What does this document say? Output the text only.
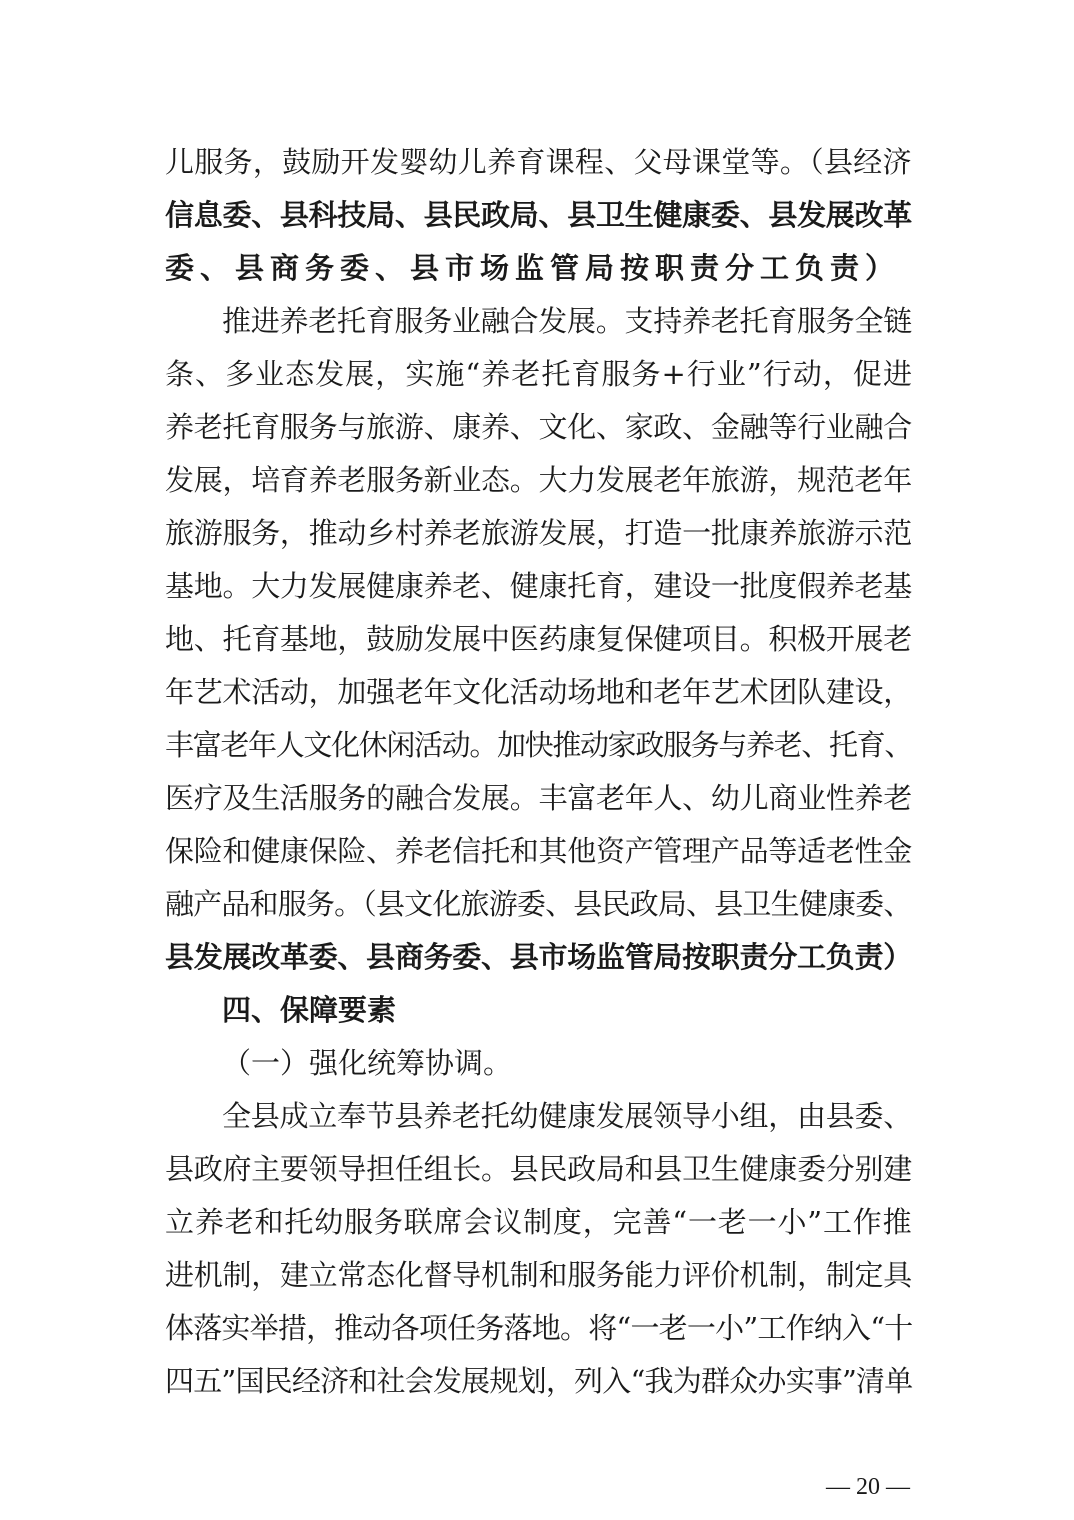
儿服务，鼓励开发婴幼儿养育课程、父母课堂等。（县经济
信息委、县科技局、县民政局、县卫生健康委、县发展改革
委、县商务委、县市场监管局按职责分工负责）
推进养老托育服务业融合发展。支持养老托育服务全链
条、多业态发展，实施“养老托育服务+行业”行动，促进
养老托育服务与旅游、康养、文化、家政、金融等行业融合
发展，培育养老服务新业态。大力发展老年旅游，规范老年
旅游服务，推动乡村养老旅游发展，打造一批康养旅游示范
基地。大力发展健康养老、健康托育，建设一批度假养老基
地、托育基地，鼓励发展中医药康复保健项目。积极开展老
年艺术活动，加强老年文化活动场地和老年艺术团队建设，
丰富老年人文化休闲活动。加快推动家政服务与养老、托育、
医疗及生活服务的融合发展。丰富老年人、幼儿商业性养老
保险和健康保险、养老信托和其他资产管理产品等适老性金
融产品和服务。（县文化旅游委、县民政局、县卫生健康委、
县发展改革委、县商务委、县市场监管局按职责分工负责）
四、保障要素
（一）强化统筹协调。
全县成立奉节县养老托幼健康发展领导小组，由县委、
县政府主要领导担任组长。县民政局和县卫生健康委分别建
立养老和托幼服务联席会议制度，完善“一老一小”工作推
进机制，建立常态化督导机制和服务能力评价机制，制定具
体落实举措，推动各项任务落地。将“一老一小”工作纳入“十
四五”国民经济和社会发展规划，列入“我为群众办实事”清单
— 20 —
